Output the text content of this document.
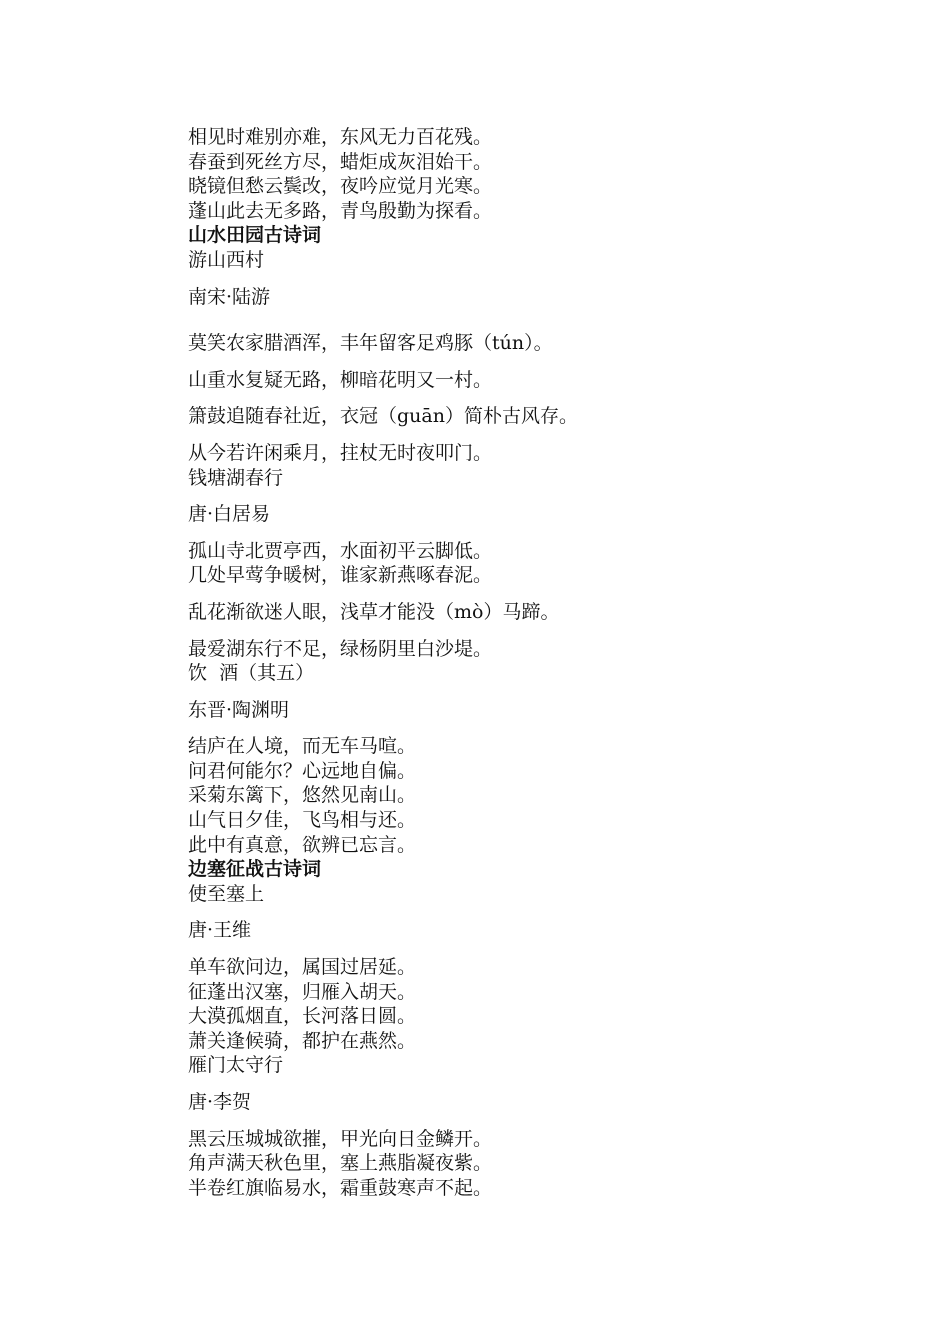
相见时难别亦难，东风无力百花残。
春蚕到死丝方尽，蜡炬成灰泪始干。
晓镜但愁云鬓改，夜吟应觉月光寒。
蓬山此去无多路，青鸟殷勤为探看。
山水田园古诗词
游山西村
南宋·陆游
莫笑农家腊酒浑，丰年留客足鸡豚（tún）。
山重水复疑无路，柳暗花明又一村。
箫鼓追随春社近，衣冠（guān）简朴古风存。
从今若许闲乘月，拄杖无时夜叩门。
钱塘湖春行
唐·白居易
孤山寺北贾亭西，水面初平云脚低。
几处早莺争暖树，谁家新燕啄春泥。
乱花渐欲迷人眼，浅草才能没（mò）马蹄。
最爱湖东行不足，绿杨阴里白沙堤。
饮  酒（其五）
东晋·陶渊明
结庐在人境，而无车马喧。
问君何能尔？心远地自偏。
采菊东篱下，悠然见南山。
山气日夕佳，飞鸟相与还。
此中有真意，欲辨已忘言。
边塞征战古诗词
使至塞上
唐·王维
单车欲问边，属国过居延。
征蓬出汉塞，归雁入胡天。
大漠孤烟直，长河落日圆。
萧关逢候骑，都护在燕然。
雁门太守行
唐·李贺
黑云压城城欲摧，甲光向日金鳞开。
角声满天秋色里，塞上燕脂凝夜紫。
半卷红旗临易水，霜重鼓寒声不起。
